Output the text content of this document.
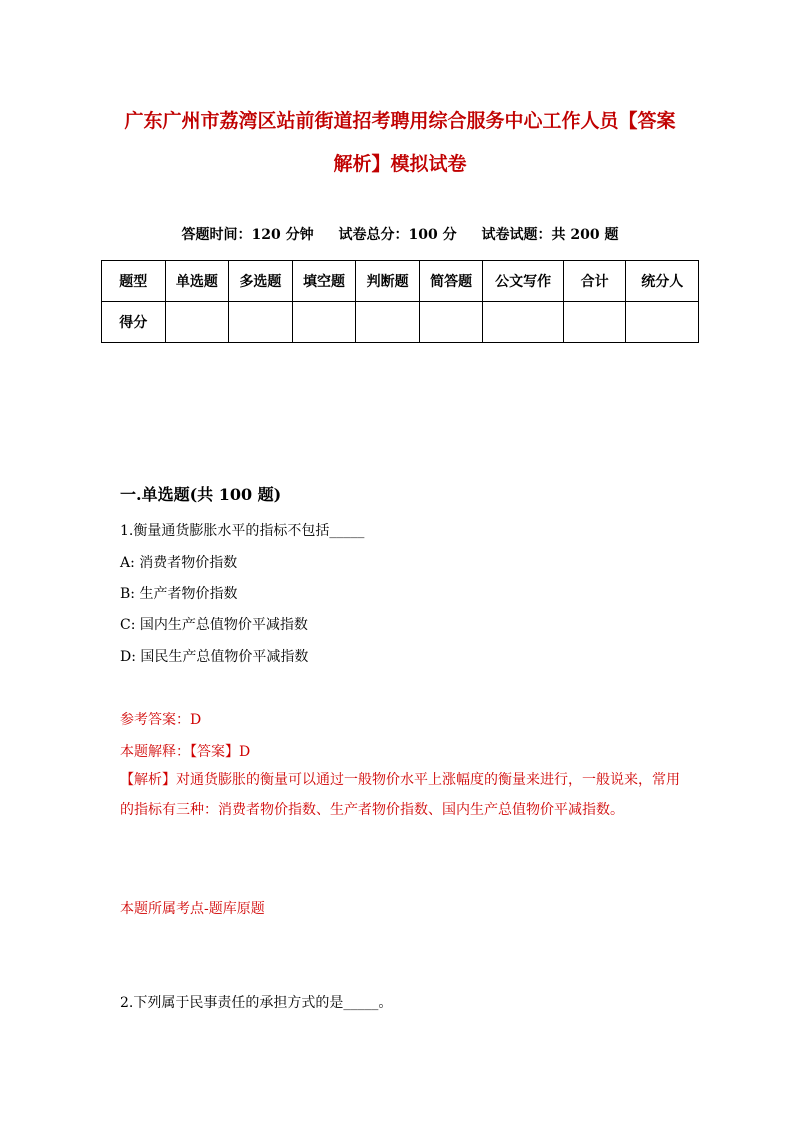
广东广州市荔湾区站前街道招考聘用综合服务中心工作人员【答案
解析】模拟试卷
答题时间：120 分钟 试卷总分：100 分 试卷试题：共 200 题
题型	单选题	多选题	填空题	判断题	简答题	公文写作	合计	统分人
得分								
一.单选题(共 100 题)
1.衡量通货膨胀水平的指标不包括_____
A: 消费者物价指数
B: 生产者物价指数
C: 国内生产总值物价平减指数
D: 国民生产总值物价平减指数
参考答案：D
本题解释：【答案】D
【解析】对通货膨胀的衡量可以通过一般物价水平上涨幅度的衡量来进行，一般说来，常用的指标有三种：消费者物价指数、生产者物价指数、国内生产总值物价平减指数。
本题所属考点-题库原题
2.下列属于民事责任的承担方式的是_____。
